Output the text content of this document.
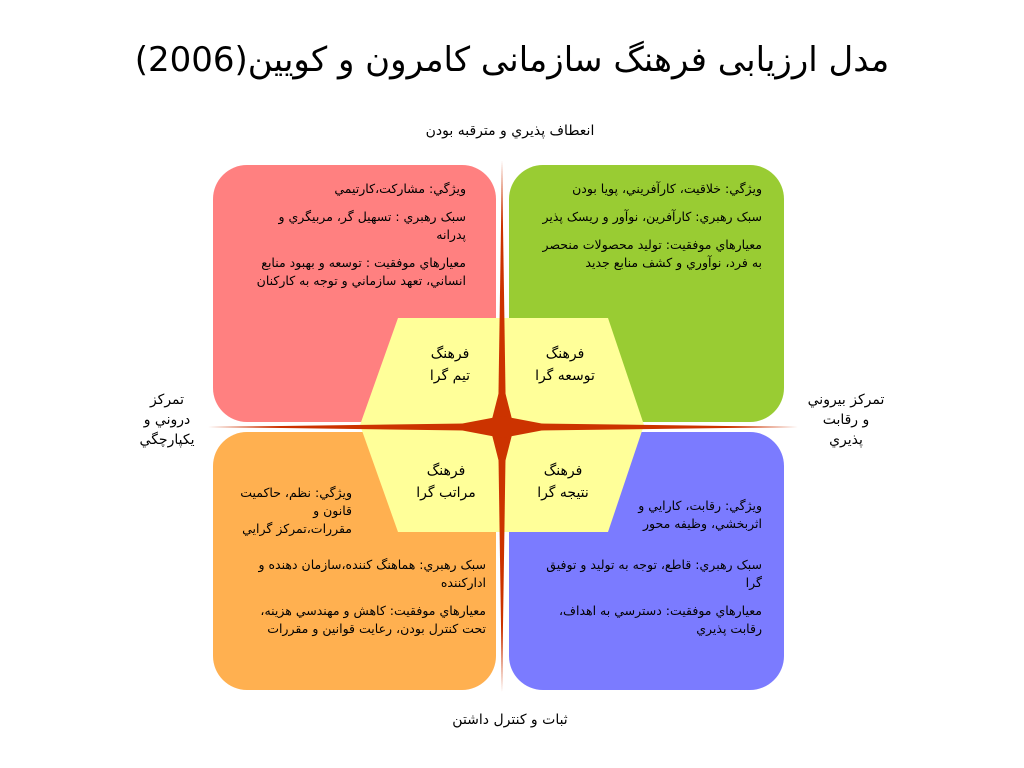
مدل ارزيابی فرهنگ سازمانی کامرون و کويين(2006)
انعطاف پذيري و مترقبه بودن
ثبات و كنترل داشتن
تمركز
دروني و
يكپارچگي
تمركز بيروني
و رقابت
پذيري

ويژگي: مشارکت،کارتیمي

سبک رهبري : تسهيل گر، مربيگري و پدرانه

معيارهاي موفقيت : توسعه و بهبود منابع انساني، تعهد سازماني و توجه به كاركنان

ويژگي: خلاقيت، كارآفريني، پويا بودن

سبک رهبري: كارآفرين، نوآور و ريسک پذير

معيارهاي موفقيت: توليد محصولات منحصر به فرد، نوآوري و كشف منابع جديد

ويژگي: نظم، حاكميت قانون و مقررات،تمركز گرايي

سبک رهبري: هماهنگ كننده،سازمان دهنده و اداركننده

معيارهاي موفقيت: كاهش و مهندسي هزينه، تحت كنترل بودن، رعايت قوانين و مقررات

ويژگي: رقابت، كارايي و اثربخشي، وظيفه محور

سبک رهبري: قاطع، توجه به توليد و توفيق گرا

معيارهاي موفقيت: دسترسي به اهداف، رقابت پذيري

فرهنگ
تيم گرا
فرهنگ
توسعه گرا
فرهنگ
مراتب گرا
فرهنگ
نتيجه گرا
